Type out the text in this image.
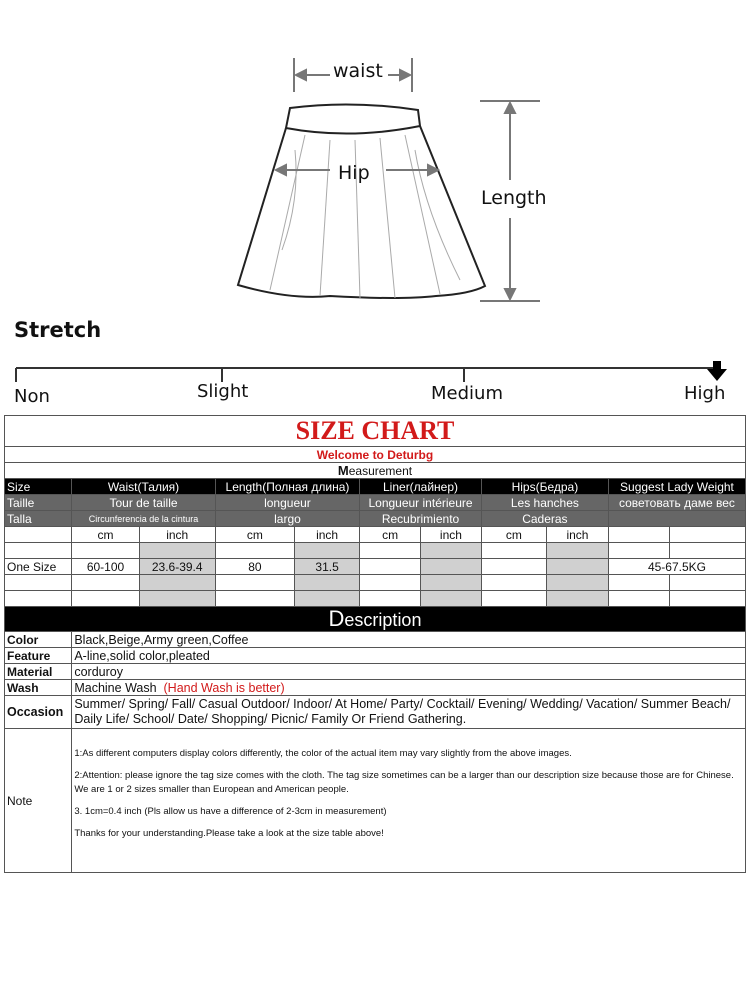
waist
Hip
Length
Stretch
Non	Slight	Medium	High
SIZE CHART										
Welcome to Deturbg										
Measurement										
Size	Waist(Талия)		Length(Полная длина)		Liner(лайнер)		Hips(Бедра)		Suggest Lady Weight	
Taille	Tour de taille		longueur		Longueur intérieure		Les hanches		советовать даме вес	
Talla	Circunferencia de la cintura		largo		Recubrimiento		Caderas			
	cm	inch	cm	inch	cm	inch	cm	inch		

One Size	60-100	23.6-39.4	80	31.5					45-67.5KG	

Description										
Color	Black,Beige,Army green,Coffee									
Feature	A-line,solid color,pleated									
Material	corduroy									
Wash	Machine Wash (Hand Wash is better)									
Occasion	Summer/ Spring/ Fall/ Casual Outdoor/ Indoor/ At Home/ Party/ Cocktail/ Evening/ Wedding/ Vacation/ Summer Beach/ Daily Life/ School/ Date/ Shopping/ Picnic/ Family Or Friend Gathering.									
Note	1:As different computers display colors differently, the color of the actual item may vary slightly from the above images.

2:Attention: please ignore the tag size comes with the cloth. The tag size sometimes can be a larger than our description size because those are for Chinese. We are 1 or 2 sizes smaller than European and American people.

3. 1cm=0.4 inch (Pls allow us have a difference of 2-3cm in measurement)

Thanks for your understanding.Please take a look at the size table above!									
